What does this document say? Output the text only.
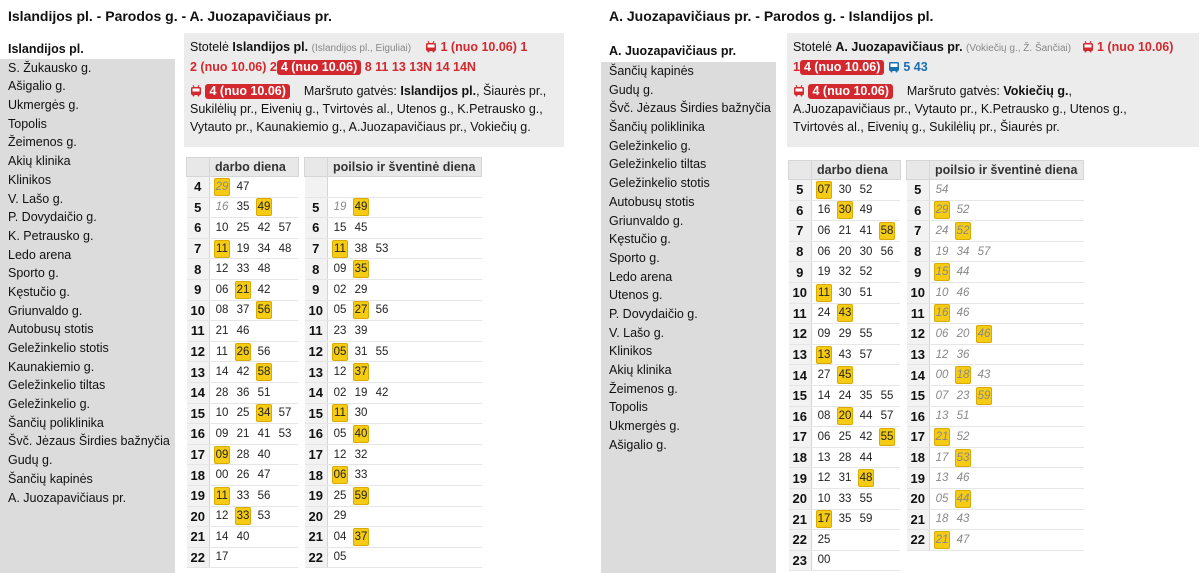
Islandijos pl. - Parodos g. - A. Juozapavičiaus pr.
Islandijos pl.
S. Žukausko g.
Ašigalio g.
Ukmergės g.
Topolis
Žeimenos g.
Akių klinika
Klinikos
V. Lašo g.
P. Dovydaičio g.
K. Petrausko g.
Ledo arena
Sporto g.
Kęstučio g.
Griunvaldo g.
Autobusų stotis
Geležinkelio stotis
Kaunakiemio g.
Geležinkelio tiltas
Geležinkelio g.
Šančių poliklinika
Švč. Jėzaus Širdies bažnyčia
Gudų g.
Šančių kapinės
A. Juozapavičiaus pr.
Stotelė Islandijos pl. (Islandijos pl., Eiguliai) 1 (nuo 10.06) 1
2 (nuo 10.06) 2 4 (nuo 10.06) 8 11 13 13N 14 14N
4 (nuo 10.06) Maršruto gatvės: Islandijos pl., Šiaurės pr.,
Sukilėlių pr., Eivenių g., Tvirtovės al., Utenos g., K.Petrausko g.,
Vytauto pr., Kaunakiemio g., A.Juozapavičiaus pr., Vokiečių g.
	darbo diena
4	29 47
5	16 35 49
6	10 25 42 57
7	11 19 34 48
8	12 33 48
9	06 21 42
10	08 37 56
11	21 46
12	11 26 56
13	14 42 58
14	28 36 51
15	10 25 34 57
16	09 21 41 53
17	09 28 40
18	00 26 47
19	11 33 56
20	12 33 53
21	14 40
22	17
	poilsio ir šventinė diena

5	19 49
6	15 45
7	11 38 53
8	09 35
9	02 29
10	05 27 56
11	23 39
12	05 31 55
13	12 37
14	02 19 42
15	11 30
16	05 40
17	12 32
18	06 33
19	25 59
20	29
21	04 37
22	05
A. Juozapavičiaus pr. - Parodos g. - Islandijos pl.
A. Juozapavičiaus pr.
Šančių kapinės
Gudų g.
Švč. Jėzaus Širdies bažnyčia
Šančių poliklinika
Geležinkelio g.
Geležinkelio tiltas
Geležinkelio stotis
Autobusų stotis
Griunvaldo g.
Kęstučio g.
Sporto g.
Ledo arena
Utenos g.
P. Dovydaičio g.
V. Lašo g.
Klinikos
Akių klinika
Žeimenos g.
Topolis
Ukmergės g.
Ašigalio g.
Stotelė A. Juozapavičiaus pr. (Vokiečių g., Ž. Šančiai) 1 (nuo 10.06)
1 4 (nuo 10.06) 5 43
4 (nuo 10.06) Maršruto gatvės: Vokiečių g.,
A.Juozapavičiaus pr., Vytauto pr., K.Petrausko g., Utenos g.,
Tvirtovės al., Eivenių g., Sukilėlių pr., Šiaurės pr.
	darbo diena
5	07 30 52
6	16 30 49
7	06 21 41 58
8	06 20 30 56
9	19 32 52
10	11 30 51
11	24 43
12	09 29 55
13	13 43 57
14	27 45
15	14 24 35 55
16	08 20 44 57
17	06 25 42 55
18	13 28 44
19	12 31 48
20	10 33 55
21	17 35 59
22	25
23	00
	poilsio ir šventinė diena
5	54
6	29 52
7	24 52
8	19 34 57
9	15 44
10	10 46
11	16 46
12	06 20 46
13	12 36
14	00 18 43
15	07 23 59
16	13 51
17	21 52
18	17 53
19	13 46
20	05 44
21	18 43
22	21 47
